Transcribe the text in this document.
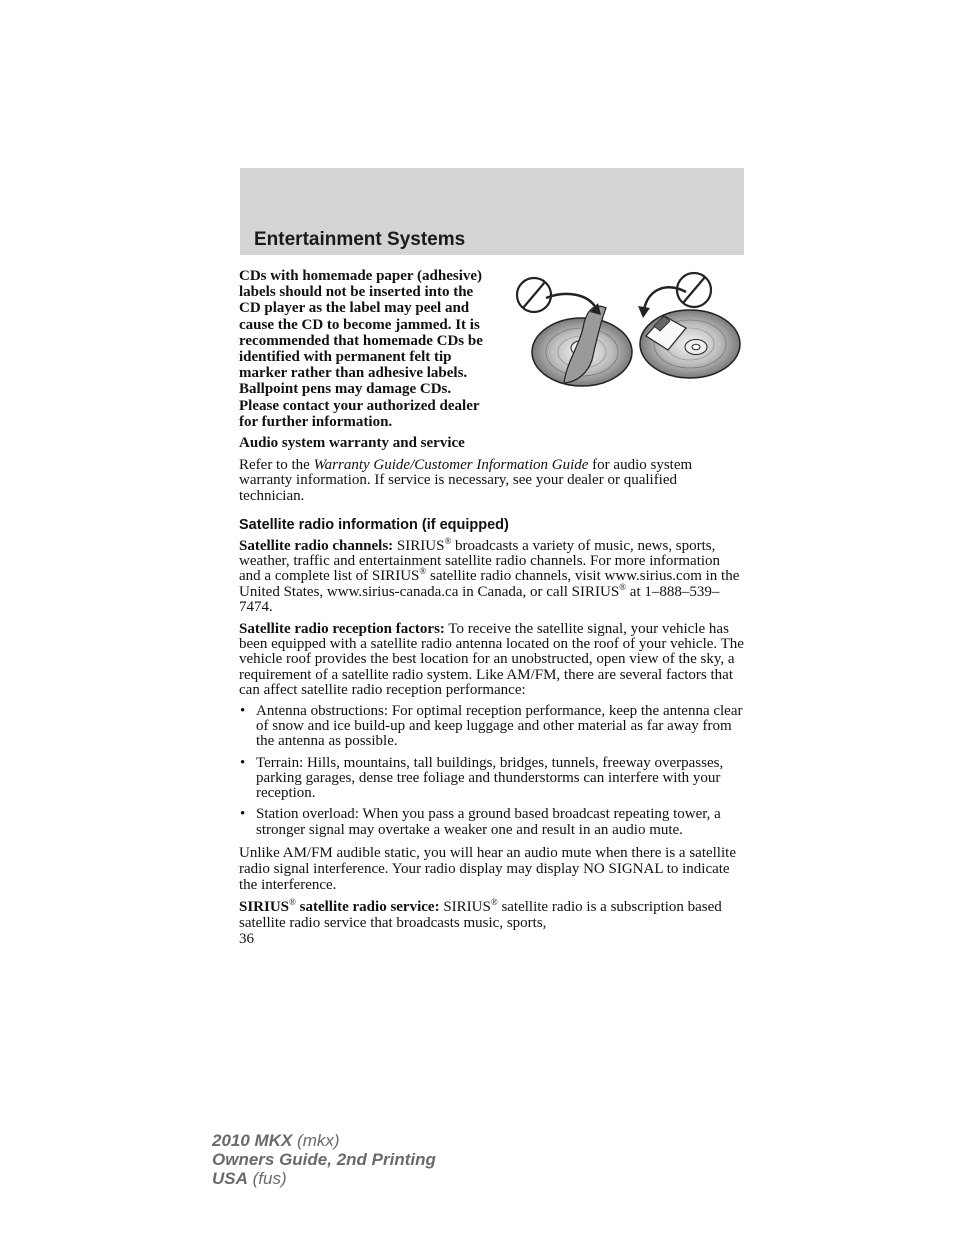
Entertainment Systems

CDs with homemade paper (adhesive) labels should not be inserted into the CD player as the label may peel and cause the CD to become jammed. It is recommended that homemade CDs be identified with permanent felt tip marker rather than adhesive labels. Ballpoint pens may damage CDs. Please contact your authorized dealer for further information.

Audio system warranty and service

Refer to the Warranty Guide/Customer Information Guide for audio system warranty information. If service is necessary, see your dealer or qualified technician.

Satellite radio information (if equipped)

Satellite radio channels: SIRIUS® broadcasts a variety of music, news, sports, weather, traffic and entertainment satellite radio channels. For more information and a complete list of SIRIUS® satellite radio channels, visit www.sirius.com in the United States, www.sirius-canada.ca in Canada, or call SIRIUS® at 1–888–539–7474.

Satellite radio reception factors: To receive the satellite signal, your vehicle has been equipped with a satellite radio antenna located on the roof of your vehicle. The vehicle roof provides the best location for an unobstructed, open view of the sky, a requirement of a satellite radio system. Like AM/FM, there are several factors that can affect satellite radio reception performance:

• Antenna obstructions: For optimal reception performance, keep the antenna clear of snow and ice build-up and keep luggage and other material as far away from the antenna as possible.
• Terrain: Hills, mountains, tall buildings, bridges, tunnels, freeway overpasses, parking garages, dense tree foliage and thunderstorms can interfere with your reception.
• Station overload: When you pass a ground based broadcast repeating tower, a stronger signal may overtake a weaker one and result in an audio mute.

Unlike AM/FM audible static, you will hear an audio mute when there is a satellite radio signal interference. Your radio display may display NO SIGNAL to indicate the interference.

SIRIUS® satellite radio service: SIRIUS® satellite radio is a subscription based satellite radio service that broadcasts music, sports,

36

2010 MKX (mkx)
Owners Guide, 2nd Printing
USA (fus)
